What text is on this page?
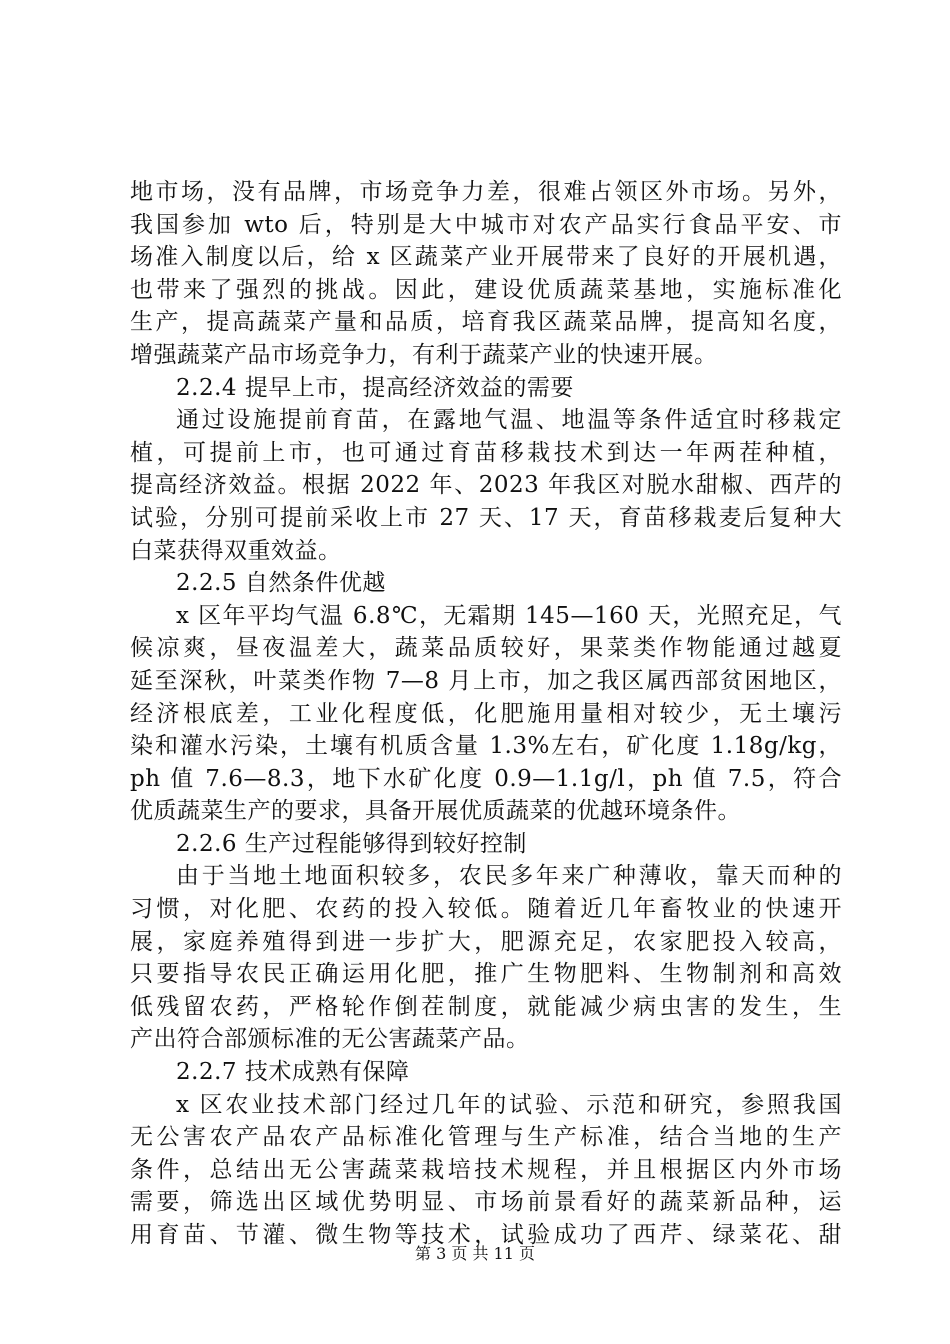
地市场，没有品牌，市场竞争力差，很难占领区外市场。另外，
我国参加 wto 后，特别是大中城市对农产品实行食品平安、市
场准入制度以后，给 x 区蔬菜产业开展带来了良好的开展机遇，
也带来了强烈的挑战。因此，建设优质蔬菜基地，实施标准化
生产，提高蔬菜产量和品质，培育我区蔬菜品牌，提高知名度，
增强蔬菜产品市场竞争力，有利于蔬菜产业的快速开展。
2.2.4 提早上市，提高经济效益的需要
通过设施提前育苗，在露地气温、地温等条件适宜时移栽定
植，可提前上市，也可通过育苗移栽技术到达一年两茬种植，
提高经济效益。根据 2022 年、2023 年我区对脱水甜椒、西芹的
试验，分别可提前采收上市 27 天、17 天，育苗移栽麦后复种大
白菜获得双重效益。
2.2.5 自然条件优越
x 区年平均气温 6.8℃，无霜期 145—160 天，光照充足，气
候凉爽，昼夜温差大，蔬菜品质较好，果菜类作物能通过越夏
延至深秋，叶菜类作物 7—8 月上市，加之我区属西部贫困地区，
经济根底差，工业化程度低，化肥施用量相对较少，无土壤污
染和灌水污染，土壤有机质含量 1.3%左右，矿化度 1.18g/kg，
ph 值 7.6—8.3，地下水矿化度 0.9—1.1g/l，ph 值 7.5，符合
优质蔬菜生产的要求，具备开展优质蔬菜的优越环境条件。
2.2.6 生产过程能够得到较好控制
由于当地土地面积较多，农民多年来广种薄收，靠天而种的
习惯，对化肥、农药的投入较低。随着近几年畜牧业的快速开
展，家庭养殖得到进一步扩大，肥源充足，农家肥投入较高，
只要指导农民正确运用化肥，推广生物肥料、生物制剂和高效
低残留农药，严格轮作倒茬制度，就能减少病虫害的发生，生
产出符合部颁标准的无公害蔬菜产品。
2.2.7 技术成熟有保障
x 区农业技术部门经过几年的试验、示范和研究，参照我国
无公害农产品农产品标准化管理与生产标准，结合当地的生产
条件，总结出无公害蔬菜栽培技术规程，并且根据区内外市场
需要，筛选出区域优势明显、市场前景看好的蔬菜新品种，运
用育苗、节灌、微生物等技术，试验成功了西芹、绿菜花、甜
第 3 页 共 11 页
